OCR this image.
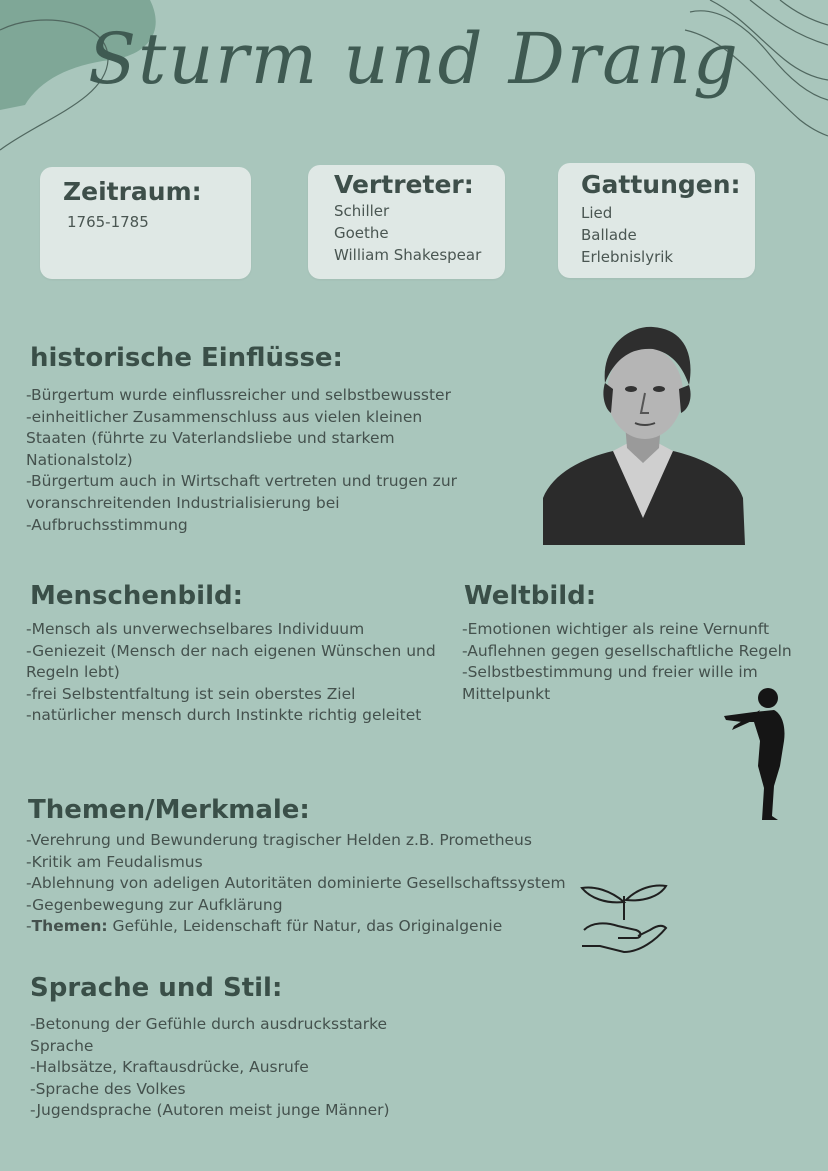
Sturm und Drang
Zeitraum:
1765-1785
Vertreter:
Schiller
Goethe
William Shakespear
Gattungen:
Lied
Ballade
Erlebnislyrik
historische Einflüsse:
-Bürgertum wurde einflussreicher und selbstbewusster
-einheitlicher Zusammenschluss aus vielen kleinen
Staaten (führte zu Vaterlandsliebe und starkem
Nationalstolz)
-Bürgertum auch in Wirtschaft vertreten und trugen zur
voranschreitenden Industrialisierung bei
-Aufbruchsstimmung
Menschenbild:
-Mensch als unverwechselbares Individuum
-Geniezeit (Mensch der nach eigenen Wünschen und
Regeln lebt)
-frei Selbstentfaltung ist sein oberstes Ziel
-natürlicher mensch durch Instinkte richtig geleitet
Weltbild:
-Emotionen wichtiger als reine Vernunft
-Auflehnen gegen gesellschaftliche Regeln
-Selbstbestimmung und freier wille im
Mittelpunkt
Themen/Merkmale:
-Verehrung und Bewunderung tragischer Helden z.B. Prometheus
-Kritik am Feudalismus
-Ablehnung von adeligen Autoritäten dominierte Gesellschaftssystem
-Gegenbewegung zur Aufklärung
-Themen: Gefühle, Leidenschaft für Natur, das Originalgenie
Sprache und Stil:
-Betonung der Gefühle durch ausdrucksstarke
Sprache
-Halbsätze, Kraftausdrücke, Ausrufe
-Sprache des Volkes
-Jugendsprache (Autoren meist junge Männer)
